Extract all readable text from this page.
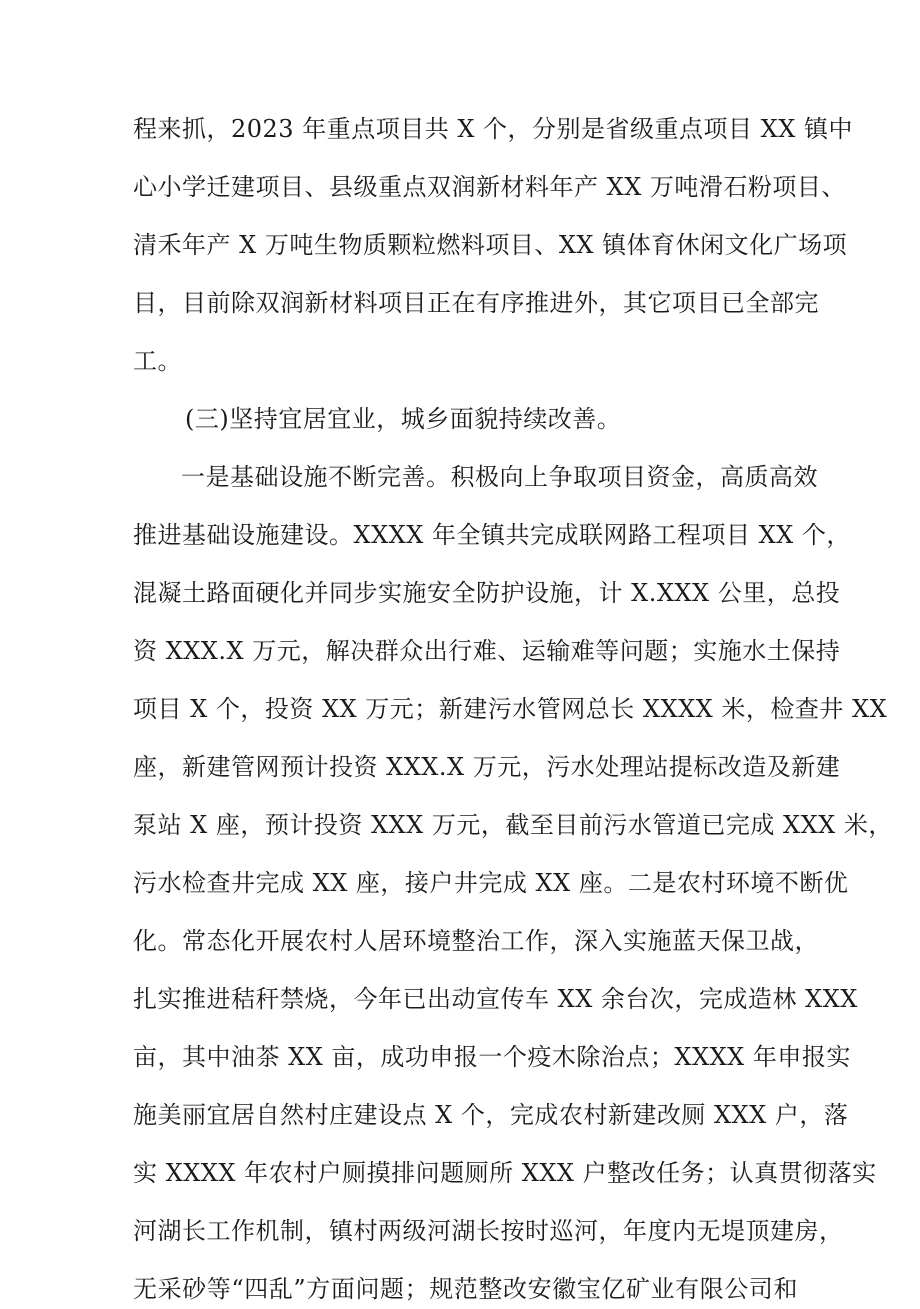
程来抓，2023 年重点项目共 X 个，分别是省级重点项目 XX 镇中
心小学迁建项目、县级重点双润新材料年产 XX 万吨滑石粉项目、
清禾年产 X 万吨生物质颗粒燃料项目、XX 镇体育休闲文化广场项
目，目前除双润新材料项目正在有序推进外，其它项目已全部完
工。
(三)坚持宜居宜业，城乡面貌持续改善。
一是基础设施不断完善。积极向上争取项目资金，高质高效
推进基础设施建设。XXXX 年全镇共完成联网路工程项目 XX 个，
混凝土路面硬化并同步实施安全防护设施，计 X.XXX 公里，总投
资 XXX.X 万元，解决群众出行难、运输难等问题；实施水土保持
项目 X 个，投资 XX 万元；新建污水管网总长 XXXX 米，检查井 XX
座，新建管网预计投资 XXX.X 万元，污水处理站提标改造及新建
泵站 X 座，预计投资 XXX 万元，截至目前污水管道已完成 XXX 米，
污水检查井完成 XX 座，接户井完成 XX 座。二是农村环境不断优
化。常态化开展农村人居环境整治工作，深入实施蓝天保卫战，
扎实推进秸秆禁烧，今年已出动宣传车 XX 余台次，完成造林 XXX
亩，其中油茶 XX 亩，成功申报一个疫木除治点；XXXX 年申报实
施美丽宜居自然村庄建设点 X 个，完成农村新建改厕 XXX 户，落
实 XXXX 年农村户厕摸排问题厕所 XXX 户整改任务；认真贯彻落实
河湖长工作机制，镇村两级河湖长按时巡河，年度内无堤顶建房，
无采砂等“四乱”方面问题；规范整改安徽宝亿矿业有限公司和
